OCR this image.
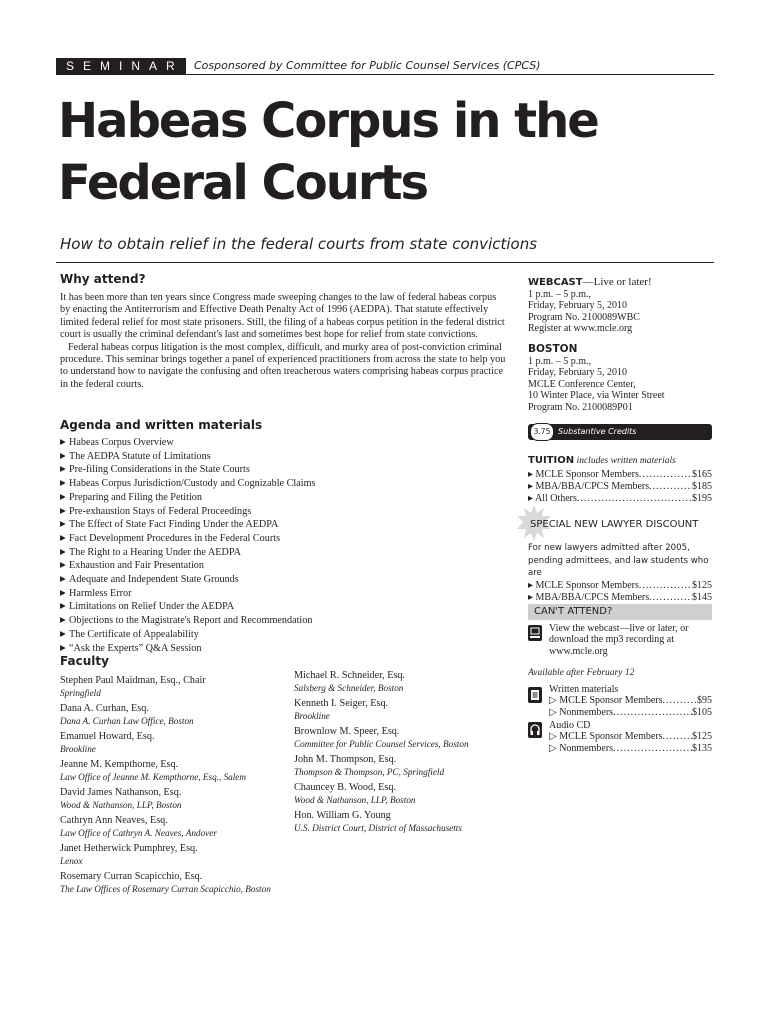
SEMINAR Cosponsored by Committee for Public Counsel Services (CPCS)
Habeas Corpus in the
Federal Courts
How to obtain relief in the federal courts from state convictions

Why attend?

It has been more than ten years since Congress made sweeping changes to the law of federal habeas corpus by enacting the Antiterrorism and Effective Death Penalty Act of 1996 (AEDPA). That statute effectively limited federal relief for most state prisoners. Still, the filing of a habeas corpus petition in the federal district court is usually the criminal defendant's last and sometimes best hope for relief from state convictions.

Federal habeas corpus litigation is the most complex, difficult, and murky area of post-conviction criminal procedure. This seminar brings together a panel of experienced practitioners from across the state to help you to understand how to navigate the confusing and often treacherous waters comprising habeas corpus practice in the federal courts.

Agenda and written materials

▶ Habeas Corpus Overview
▶ The AEDPA Statute of Limitations
▶ Pre-filing Considerations in the State Courts
▶ Habeas Corpus Jurisdiction/Custody and Cognizable Claims
▶ Preparing and Filing the Petition
▶ Pre-exhaustion Stays of Federal Proceedings
▶ The Effect of State Fact Finding Under the AEDPA
▶ Fact Development Procedures in the Federal Courts
▶ The Right to a Hearing Under the AEDPA
▶ Exhaustion and Fair Presentation
▶ Adequate and Independent State Grounds
▶ Harmless Error
▶ Limitations on Relief Under the AEDPA
▶ Objections to the Magistrate's Report and Recommendation
▶ The Certificate of Appealability
▶ “Ask the Experts” Q&A Session

Faculty

Stephen Paul Maidman, Esq., Chair
Springfield
Dana A. Curhan, Esq.
Dana A. Curhan Law Office, Boston
Emanuel Howard, Esq.
Brookline
Jeanne M. Kempthorne, Esq.
Law Office of Jeanne M. Kempthorne, Esq., Salem
David James Nathanson, Esq.
Wood & Nathanson, LLP, Boston
Cathryn Ann Neaves, Esq.
Law Office of Cathryn A. Neaves, Andover
Janet Hetherwick Pumphrey, Esq.
Lenox
Rosemary Curran Scapicchio, Esq.
The Law Offices of Rosemary Curran Scapicchio, Boston
Michael R. Schneider, Esq.
Salsberg & Schneider, Boston
Kenneth I. Seiger, Esq.
Brookline
Brownlow M. Speer, Esq.
Committee for Public Counsel Services, Boston
John M. Thompson, Esq.
Thompson & Thompson, PC, Springfield
Chauncey B. Wood, Esq.
Wood & Nathanson, LLP, Boston
Hon. William G. Young
U.S. District Court, District of Massachusetts
WEBCAST—Live or later!
1 p.m. – 5 p.m.,
Friday, February 5, 2010
Program No. 2100089WBC
Register at www.mcle.org
BOSTON
1 p.m. – 5 p.m.,
Friday, February 5, 2010
MCLE Conference Center,
10 Winter Place, via Winter Street
Program No. 2100089P01
3.75 Substantive Credits
TUITION includes written materials
▸ MCLE Sponsor Members .....	$165
▸ MBA/BBA/CPCS Members .....	$185
▸ All Others .....	$195
SPECIAL NEW LAWYER DISCOUNT
For new lawyers admitted after 2005, pending admittees, and law students who are
▸ MCLE Sponsor Members .....	$125
▸ MBA/BBA/CPCS Members .....	$145
CAN'T ATTEND?
View the webcast—live or later, or download the mp3 recording at www.mcle.org
Available after February 12
Written materials
▷ MCLE Sponsor Members .....	$95
▷ Nonmembers .....	$105
Audio CD
▷ MCLE Sponsor Members .....	$125
▷ Nonmembers .....	$135
